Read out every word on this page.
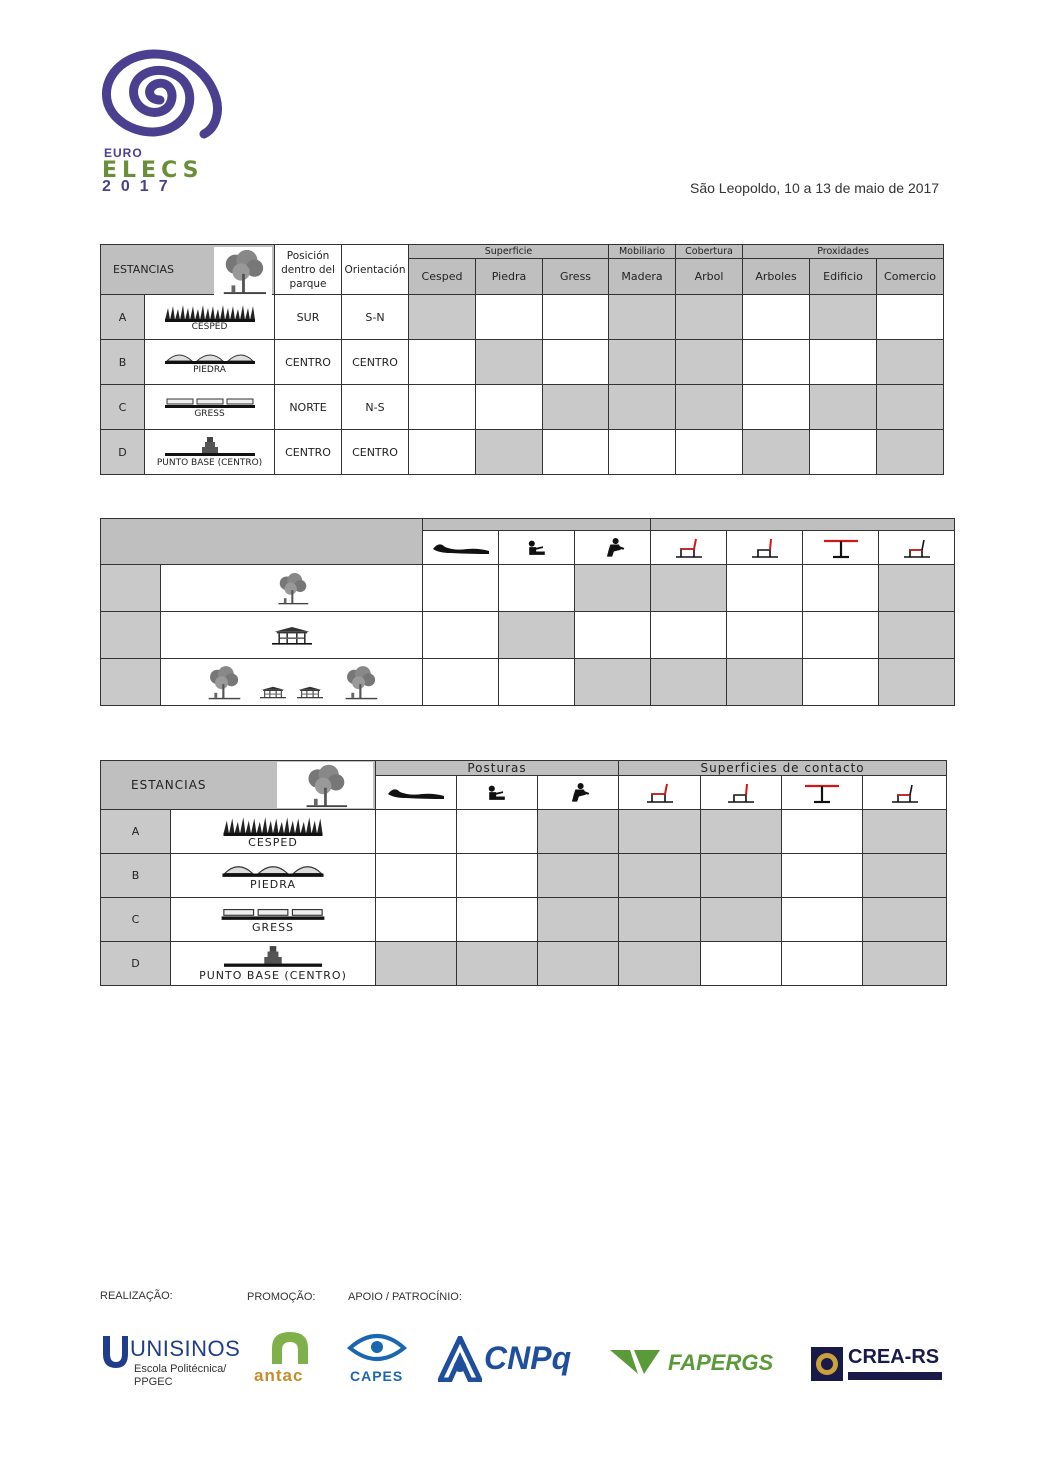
EURO
ELECS
2017	São Leopoldo, 10 a 13 de maio de 2017
ESTANCIAS		Posición dentro del parque	Orientación	Superficie			Mobiliario	Cobertura	Proxidades		
				Cesped	Piedra	Gress	Madera	Arbol	Arboles	Edificio	Comercio
A	CESPED	SUR	S-N								
B	PIEDRA	CENTRO	CENTRO								
C	GRESS	NORTE	N-S								
D	PUNTO BASE (CENTRO)	CENTRO	CENTRO								

ESTANCIAS		Posturas			Superficies de contacto			

A	CESPED							

B	PIEDRA							

C	GRESS							

D	PUNTO BASE (CENTRO)							

REALIZAÇÃO:	PROMOÇÃO:	APOIO / PATROCÍNIO:
UNISINOS
Escola Politécnica/
PPGEC	antac	CAPES	CNPq	FAPERGS	CREA-RS
